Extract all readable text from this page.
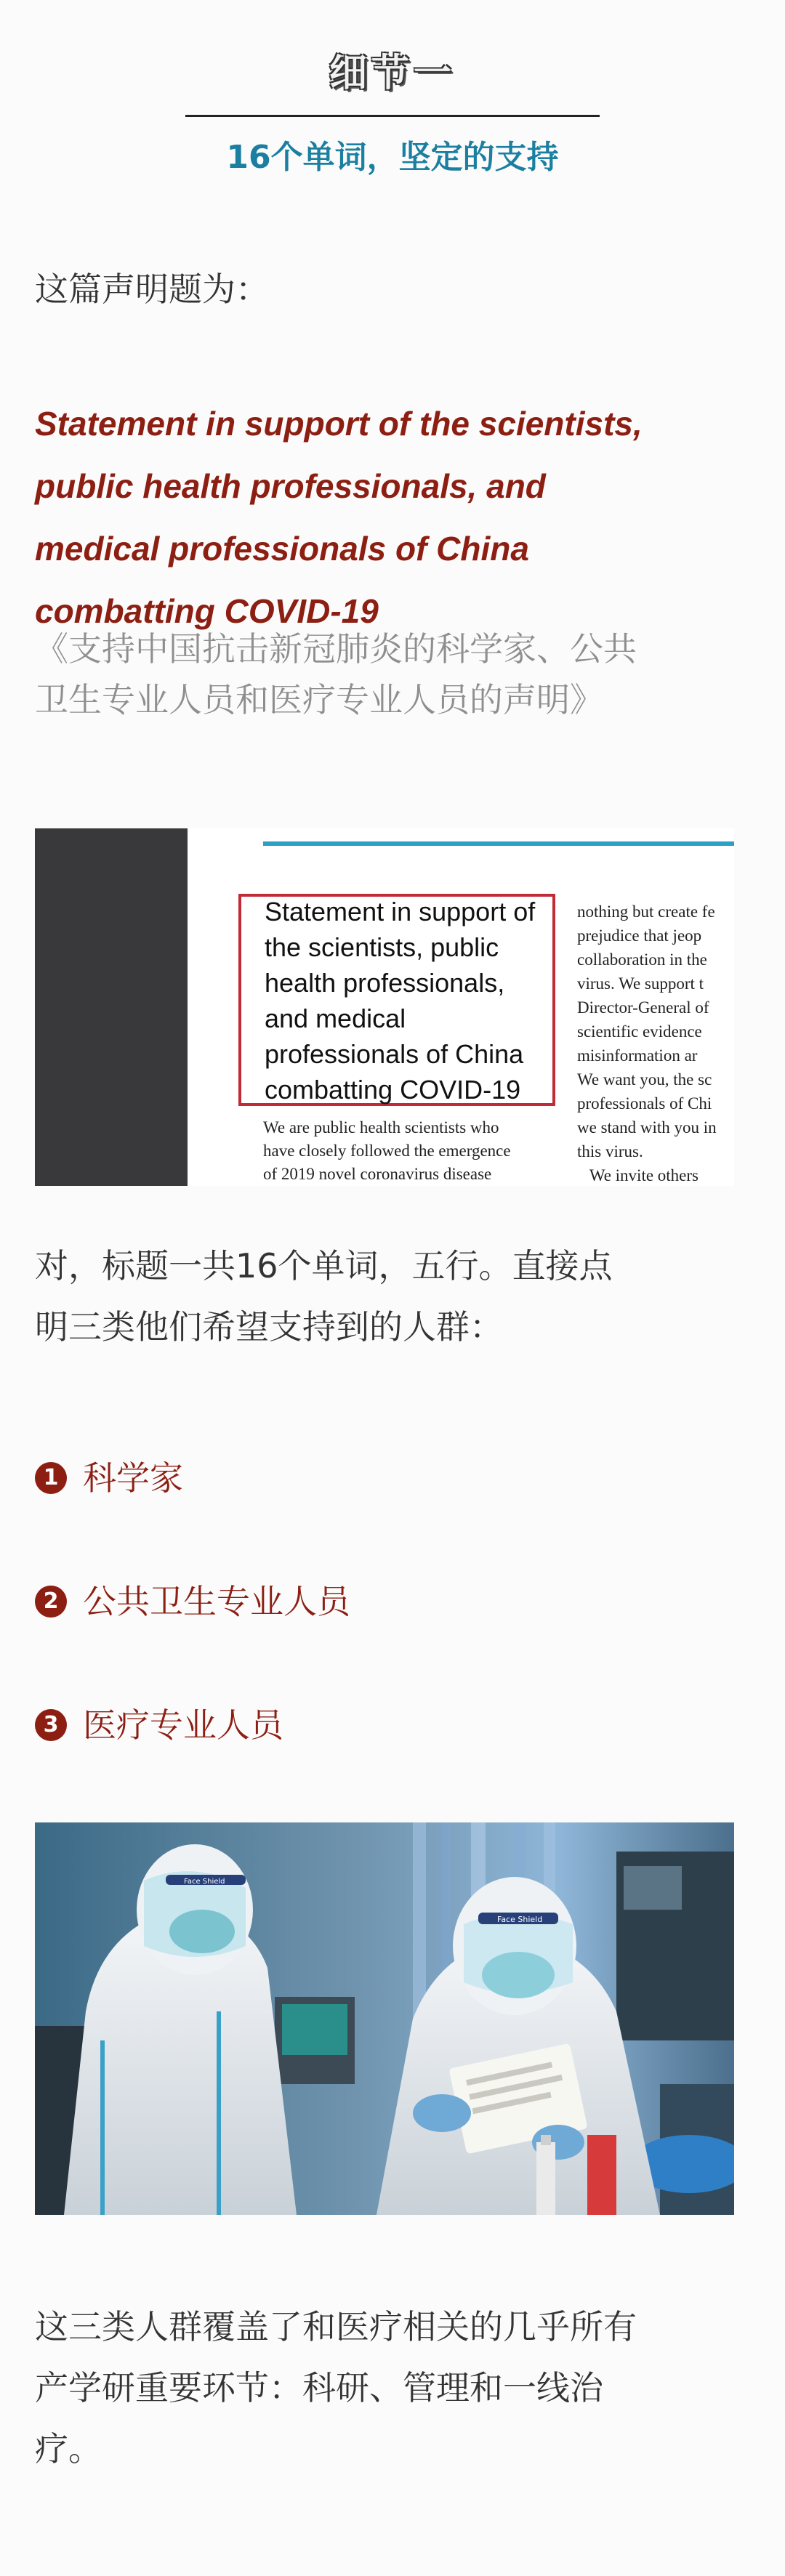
细节一
16个单词，坚定的支持
这篇声明题为：
Statement in support of the scientists,
public health professionals, and
medical professionals of China
combatting COVID-19
《支持中国抗击新冠肺炎的科学家、公共
卫生专业人员和医疗专业人员的声明》
Statement in support of
the scientists, public
health professionals,
and medical
professionals of China
combatting COVID-19
We are public health scientists who
have closely followed the emergence
of 2019 novel coronavirus disease
nothing but create fe
prejudice that jeop
collaboration in the
virus. We support t
Director-General of
scientific evidence
misinformation ar
We want you, the sc
professionals of Chi
we stand with you in
this virus.
We invite others
对，标题一共16个单词，五行。直接点
明三类他们希望支持到的人群：
1 科学家
2 公共卫生专业人员
3 医疗专业人员
Face Shield
Face Shield
这三类人群覆盖了和医疗相关的几乎所有
产学研重要环节：科研、管理和一线治
疗。
